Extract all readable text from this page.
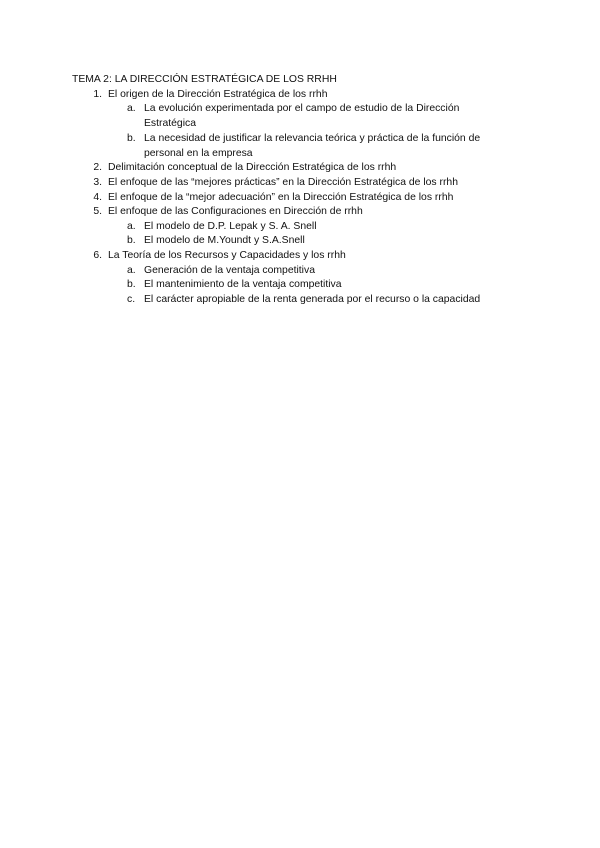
TEMA 2: LA DIRECCIÓN ESTRATÉGICA DE LOS RRHH
1. El origen de la Dirección Estratégica de los rrhh
a. La evolución experimentada por el campo de estudio de la Dirección Estratégica
b. La necesidad de justificar la relevancia teórica y práctica de la función de personal en la empresa
2. Delimitación conceptual de la Dirección Estratégica de los rrhh
3. El enfoque de las “mejores prácticas” en la Dirección Estratégica de los rrhh
4. El enfoque de la “mejor adecuación” en la Dirección Estratégica de los rrhh
5. El enfoque de las Configuraciones en Dirección de rrhh
a. El modelo de D.P. Lepak y S. A. Snell
b. El modelo de M.Youndt y S.A.Snell
6. La Teoría de los Recursos y Capacidades y los rrhh
a. Generación de la ventaja competitiva
b. El mantenimiento de la ventaja competitiva
c. El carácter apropiable de la renta generada por el recurso o la capacidad
